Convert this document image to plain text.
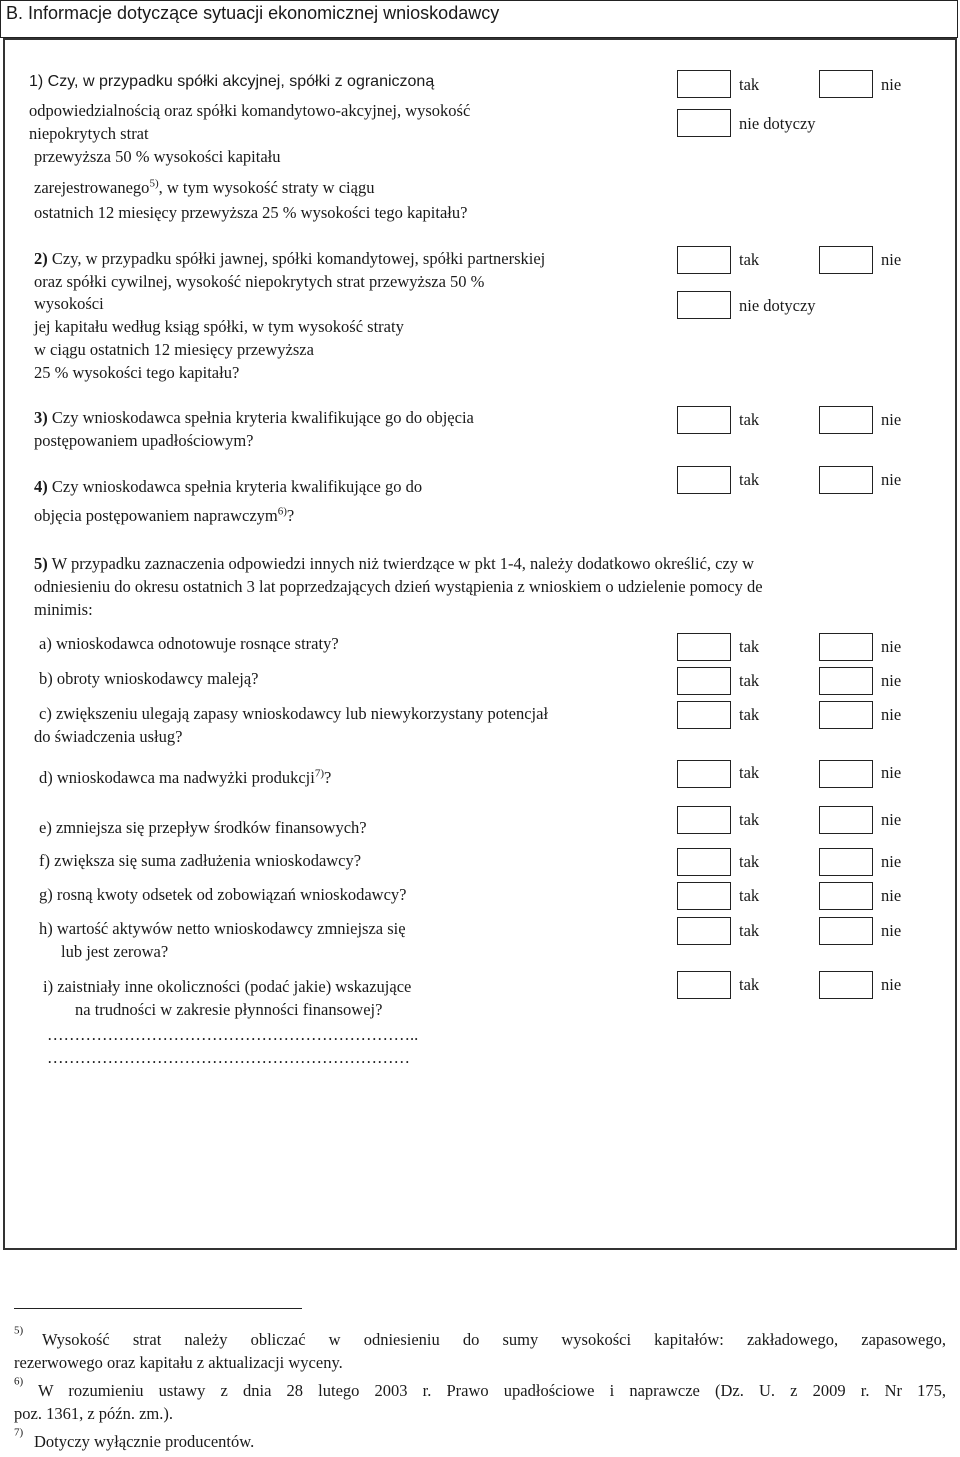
B. Informacje dotyczące sytuacji ekonomicznej wnioskodawcy
1) Czy, w przypadku spółki akcyjnej, spółki z ograniczoną
odpowiedzialnością oraz spółki komandytowo-akcyjnej, wysokość
niepokrytych strat
przewyższa 50 % wysokości kapitału
zarejestrowanego$^{5)}$, w tym wysokość straty w ciągu
ostatnich 12 miesięcy przewyższa 25 % wysokości tego kapitału?
tak	nie
nie dotyczy
2) Czy, w przypadku spółki jawnej, spółki komandytowej, spółki partnerskiej
oraz spółki cywilnej, wysokość niepokrytych strat przewyższa 50 %
wysokości
jej kapitału według ksiąg spółki, w tym wysokość straty
w ciągu ostatnich 12 miesięcy przewyższa
25 % wysokości tego kapitału?
tak	nie
nie dotyczy
3) Czy wnioskodawca spełnia kryteria kwalifikujące go do objęcia
postępowaniem upadłościowym?
tak	nie
4) Czy wnioskodawca spełnia kryteria kwalifikujące go do
objęcia postępowaniem naprawczym$^{6)}$?
tak	nie
5) W przypadku zaznaczenia odpowiedzi innych niż twierdzące w pkt 1-4, należy dodatkowo określić, czy w
odniesieniu do okresu ostatnich 3 lat poprzedzających dzień wystąpienia z wnioskiem o udzielenie pomocy de
minimis:
a) wnioskodawca odnotowuje rosnące straty?	tak	nie
b) obroty wnioskodawcy maleją?	tak	nie
c) zwiększeniu ulegają zapasy wnioskodawcy lub niewykorzystany potencjał
do świadczenia usług?
tak	nie
d) wnioskodawca ma nadwyżki produkcji$^{7)}$?	tak	nie
e) zmniejsza się przepływ środków finansowych?	tak	nie
f) zwiększa się suma zadłużenia wnioskodawcy?	tak	nie
g) rosną kwoty odsetek od zobowiązań wnioskodawcy?	tak	nie
h) wartość aktywów netto wnioskodawcy zmniejsza się
lub jest zerowa?
tak	nie
i) zaistniały inne okoliczności (podać jakie) wskazujące
na trudności w zakresie płynności finansowej?
tak	nie
…………………………………………………………..
…………………………………………………………
$^{5)}$ Wysokość strat należy obliczać w odniesieniu do sumy wysokości kapitałów: zakładowego, zapasowego,
rezerwowego oraz kapitału z aktualizacji wyceny.
$^{6)}$ W rozumieniu ustawy z dnia 28 lutego 2003 r. Prawo upadłościowe i naprawcze (Dz. U. z 2009 r. Nr 175,
poz. 1361, z późn. zm.).
$^{7)}$ Dotyczy wyłącznie producentów.
